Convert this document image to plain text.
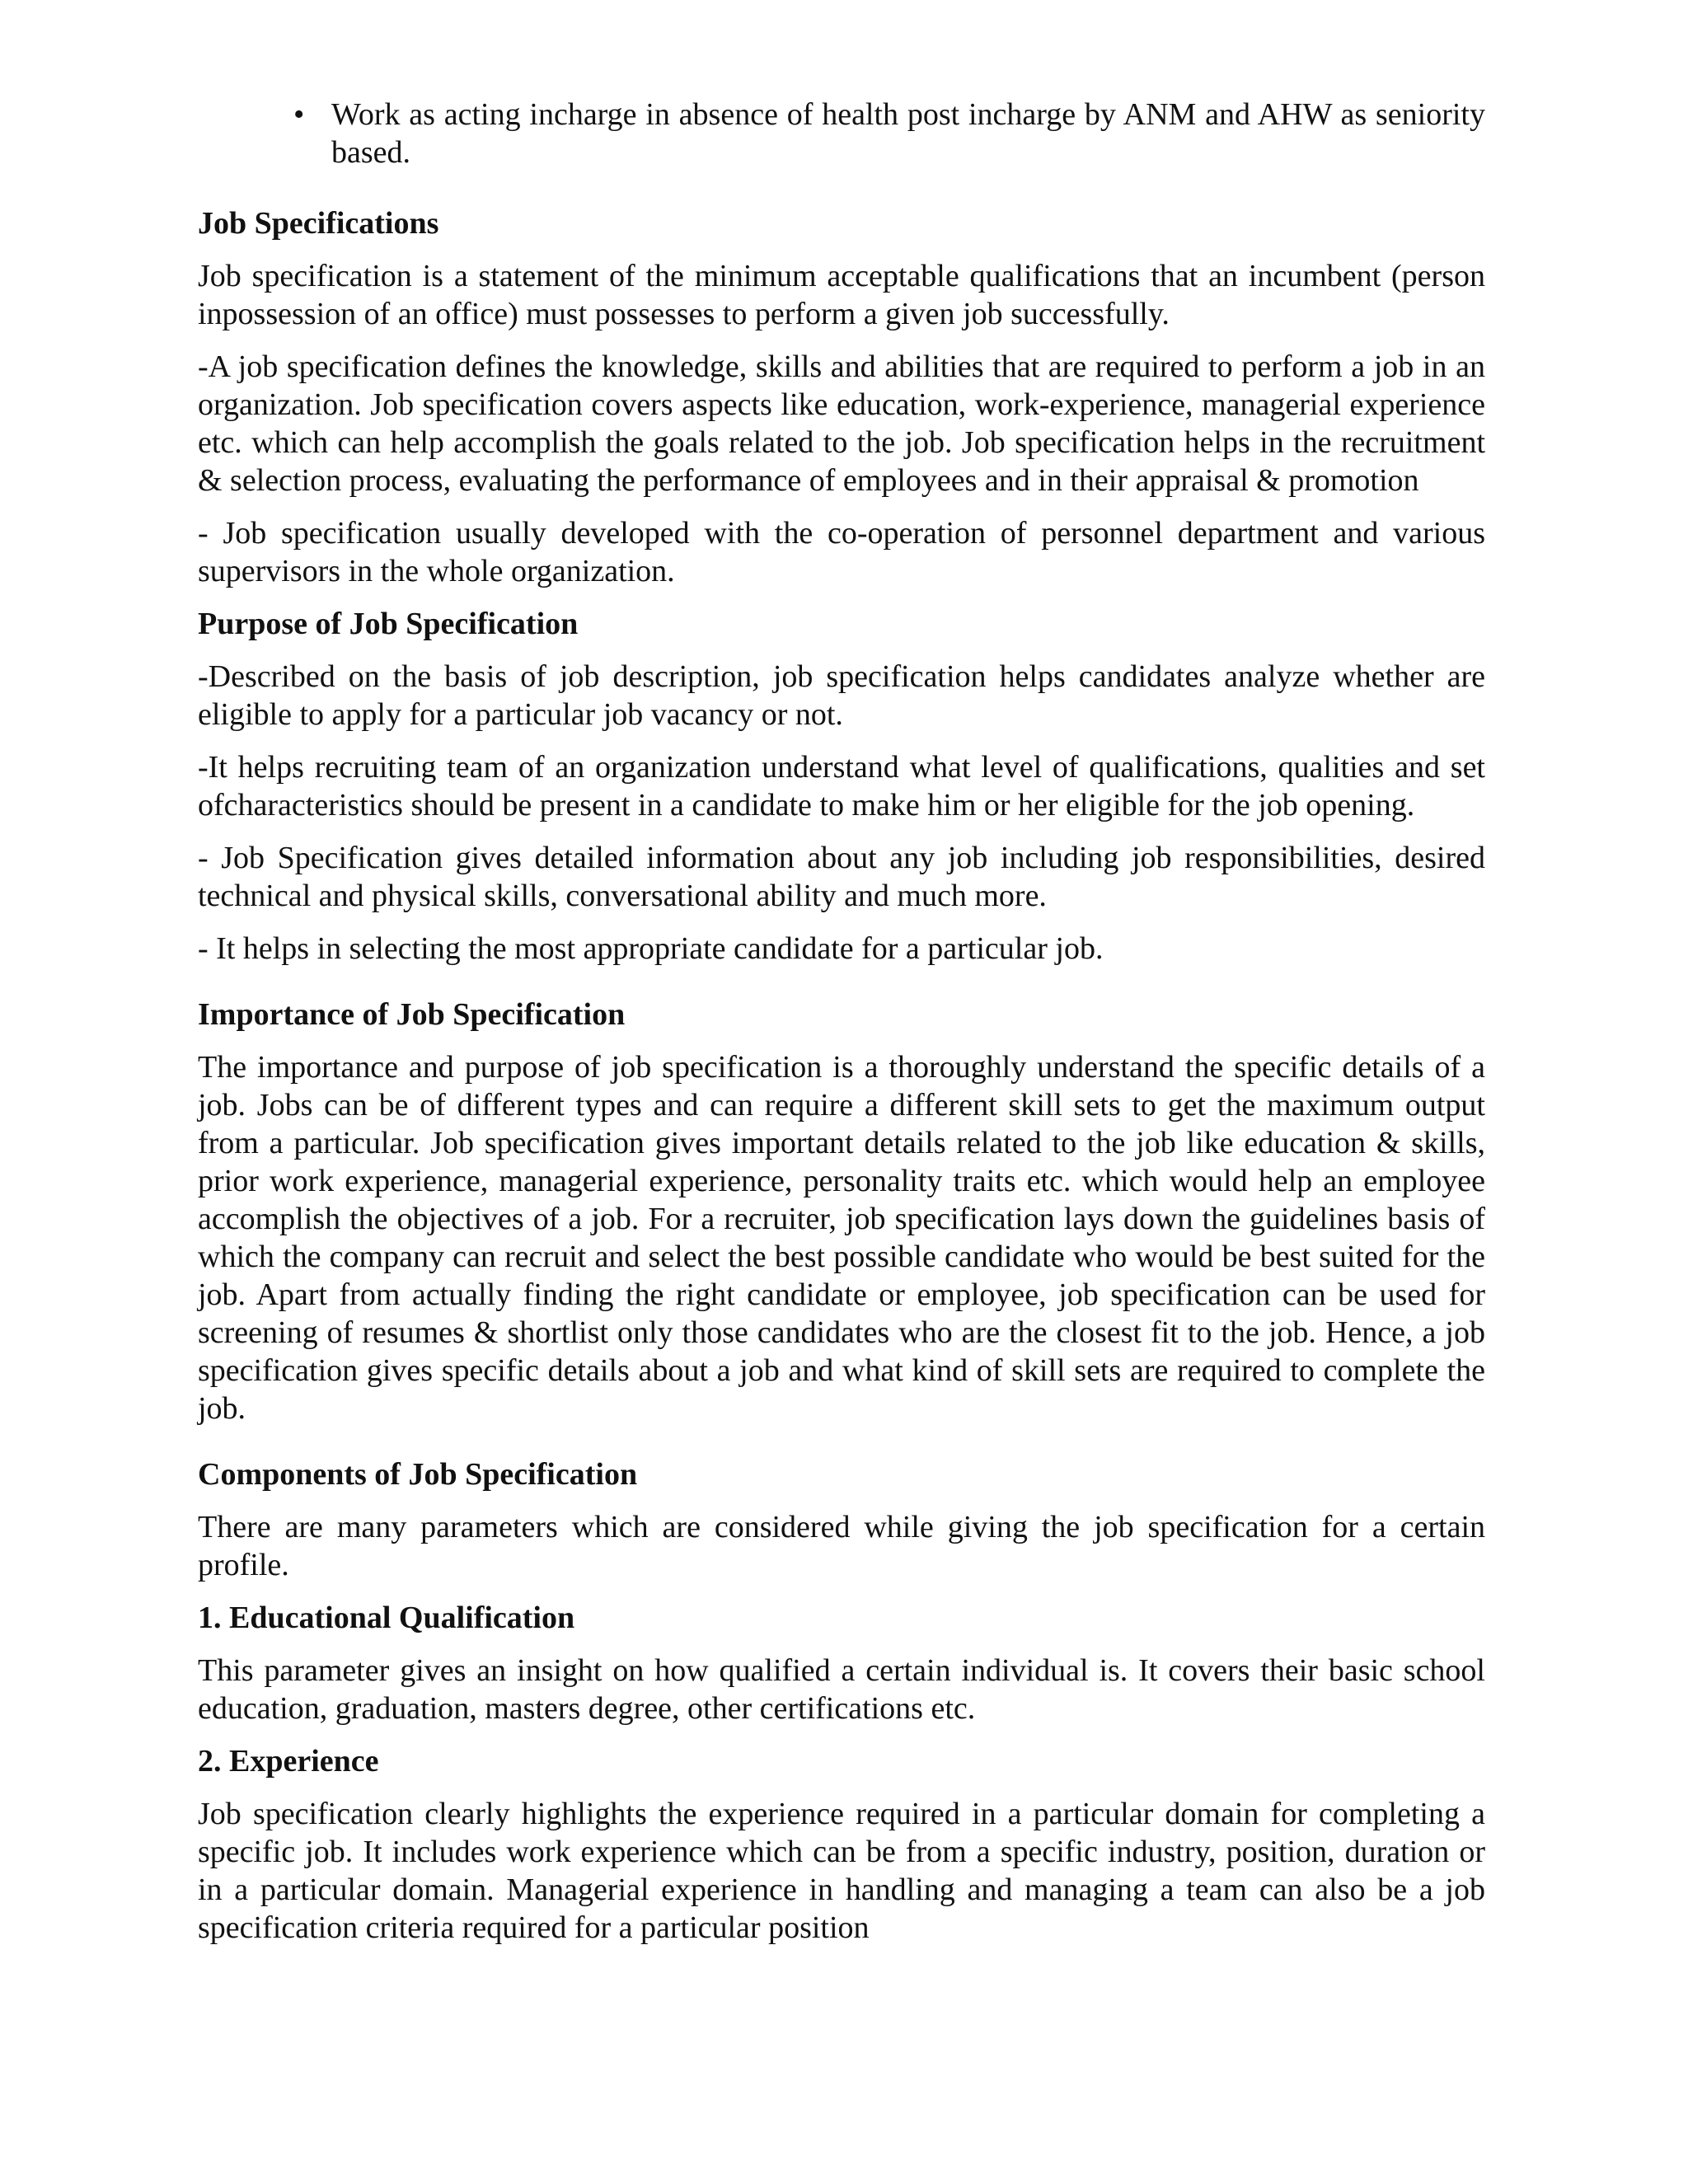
• Work as acting incharge in absence of health post incharge by ANM and AHW as seniority based.
Job Specifications

Job specification is a statement of the minimum acceptable qualifications that an incumbent (person inpossession of an office) must possesses to perform a given job successfully.

-A job specification defines the knowledge, skills and abilities that are required to perform a job in an organization. Job specification covers aspects like education, work-experience, managerial experience etc. which can help accomplish the goals related to the job. Job specification helps in the recruitment & selection process, evaluating the performance of employees and in their appraisal & promotion

- Job specification usually developed with the co-operation of personnel department and various supervisors in the whole organization.

Purpose of Job Specification

-Described on the basis of job description, job specification helps candidates analyze whether are eligible to apply for a particular job vacancy or not.

-It helps recruiting team of an organization understand what level of qualifications, qualities and set ofcharacteristics should be present in a candidate to make him or her eligible for the job opening.

- Job Specification gives detailed information about any job including job responsibilities, desired technical and physical skills, conversational ability and much more.

- It helps in selecting the most appropriate candidate for a particular job.

Importance of Job Specification

The importance and purpose of job specification is a thoroughly understand the specific details of a job. Jobs can be of different types and can require a different skill sets to get the maximum output from a particular. Job specification gives important details related to the job like education & skills, prior work experience, managerial experience, personality traits etc. which would help an employee accomplish the objectives of a job. For a recruiter, job specification lays down the guidelines basis of which the company can recruit and select the best possible candidate who would be best suited for the job. Apart from actually finding the right candidate or employee, job specification can be used for screening of resumes & shortlist only those candidates who are the closest fit to the job. Hence, a job specification gives specific details about a job and what kind of skill sets are required to complete the job.

Components of Job Specification

There are many parameters which are considered while giving the job specification for a certain profile.

1. Educational Qualification

This parameter gives an insight on how qualified a certain individual is. It covers their basic school education, graduation, masters degree, other certifications etc.

2. Experience

Job specification clearly highlights the experience required in a particular domain for completing a specific job. It includes work experience which can be from a specific industry, position, duration or in a particular domain. Managerial experience in handling and managing a team can also be a job specification criteria required for a particular position
